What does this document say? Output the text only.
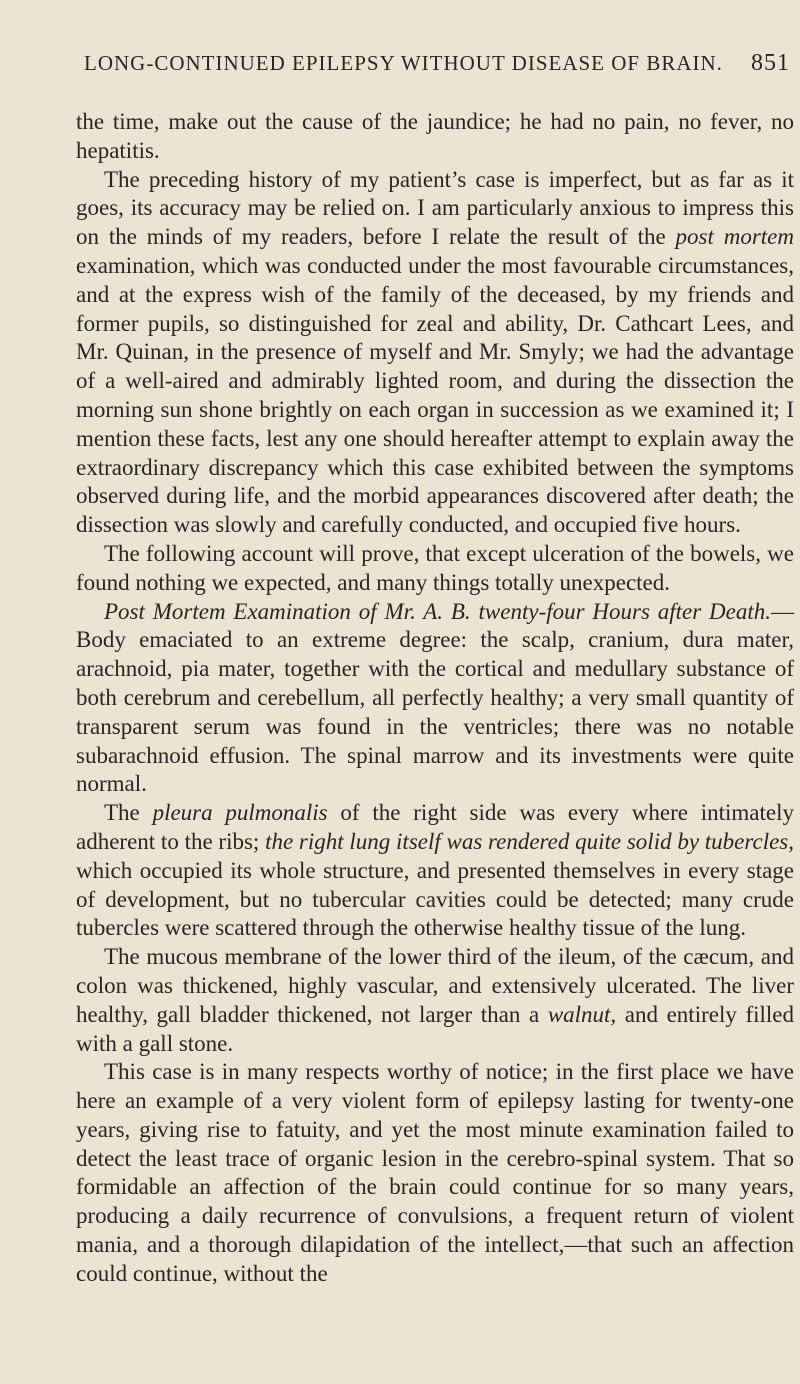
LONG-CONTINUED EPILEPSY WITHOUT DISEASE OF BRAIN. 851

the time, make out the cause of the jaundice; he had no pain, no fever, no hepatitis.

The preceding history of my patient’s case is imperfect, but as far as it goes, its accuracy may be relied on. I am particularly anxious to impress this on the minds of my readers, before I relate the result of the post mortem examination, which was conducted under the most favourable circumstances, and at the express wish of the family of the deceased, by my friends and former pupils, so distinguished for zeal and ability, Dr. Cathcart Lees, and Mr. Quinan, in the presence of myself and Mr. Smyly; we had the advantage of a well-aired and admirably lighted room, and during the dissection the morning sun shone brightly on each organ in succession as we examined it; I mention these facts, lest any one should hereafter attempt to explain away the extraordinary discrepancy which this case exhibited between the symptoms observed during life, and the morbid appearances discovered after death; the dissection was slowly and carefully conducted, and occupied five hours.

The following account will prove, that except ulceration of the bowels, we found nothing we expected, and many things totally unexpected.

Post Mortem Examination of Mr. A. B. twenty-four Hours after Death.—Body emaciated to an extreme degree: the scalp, cranium, dura mater, arachnoid, pia mater, together with the cortical and medullary substance of both cerebrum and cerebellum, all perfectly healthy; a very small quantity of transparent serum was found in the ventricles; there was no notable subarachnoid effusion. The spinal marrow and its investments were quite normal.

The pleura pulmonalis of the right side was every where intimately adherent to the ribs; the right lung itself was rendered quite solid by tubercles, which occupied its whole structure, and presented themselves in every stage of development, but no tubercular cavities could be detected; many crude tubercles were scattered through the otherwise healthy tissue of the lung.

The mucous membrane of the lower third of the ileum, of the cæcum, and colon was thickened, highly vascular, and extensively ulcerated. The liver healthy, gall bladder thickened, not larger than a walnut, and entirely filled with a gall stone.

This case is in many respects worthy of notice; in the first place we have here an example of a very violent form of epilepsy lasting for twenty-one years, giving rise to fatuity, and yet the most minute examination failed to detect the least trace of organic lesion in the cerebro-spinal system. That so formidable an affection of the brain could continue for so many years, producing a daily recurrence of convulsions, a frequent return of violent mania, and a thorough dilapidation of the intellect,—that such an affection could continue, without the
